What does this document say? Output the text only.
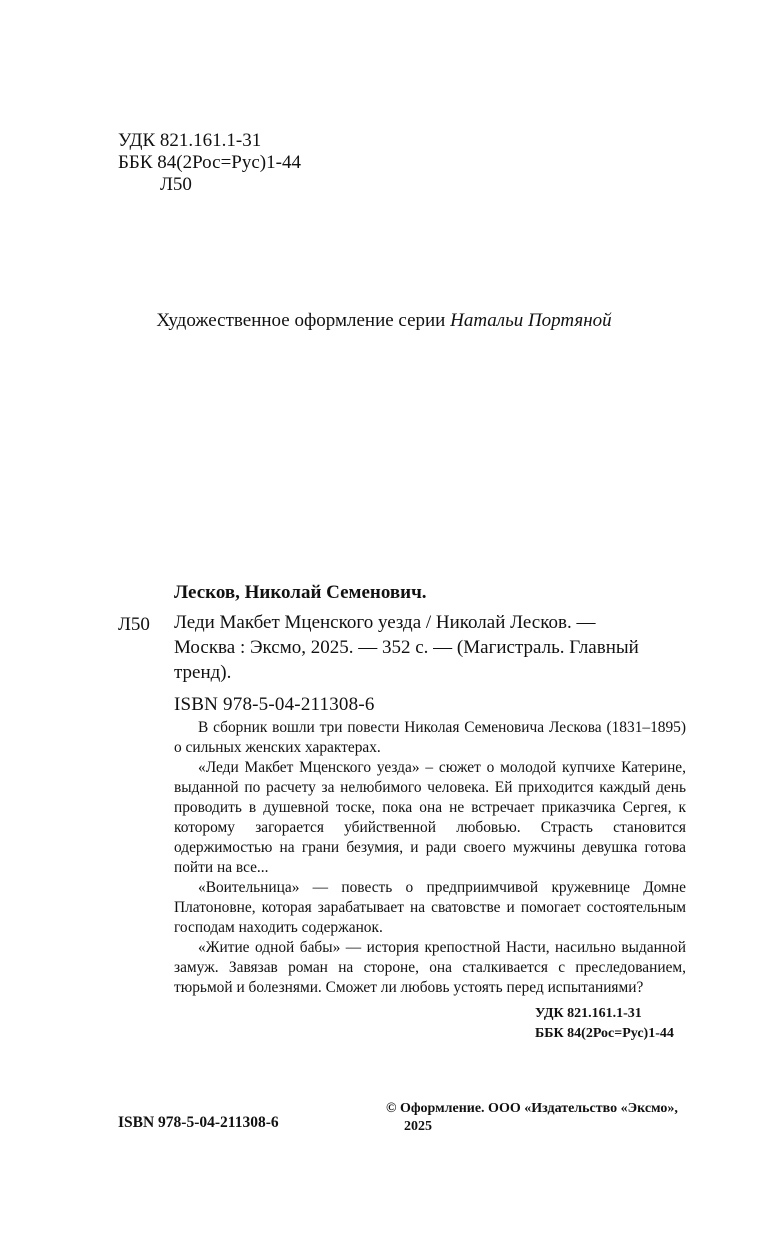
УДК 821.161.1-31
ББК 84(2Рос=Рус)1-44
Л50
Художественное оформление серии Натальи Портяной
Лесков, Николай Семенович.
Л50 Леди Макбет Мценского уезда / Николай Лесков. —
Москва : Эксмо, 2025. — 352 с. — (Магистраль. Главный
тренд).
ISBN 978-5-04-211308-6

В сборник вошли три повести Николая Семеновича Лескова (1831–1895) о сильных женских характерах.

«Леди Макбет Мценского уезда» – сюжет о молодой купчихе Катерине, выданной по расчету за нелюбимого человека. Ей приходится каждый день проводить в душевной тоске, пока она не встречает приказчика Сергея, к которому загорается убийственной любовью. Страсть становится одержимостью на грани безумия, и ради своего мужчины девушка готова пойти на все...

«Воительница» — повесть о предприимчивой кружевнице Домне Платоновне, которая зарабатывает на сватовстве и помогает состоятельным господам находить содержанок.

«Житие одной бабы» — история крепостной Насти, насильно выданной замуж. Завязав роман на стороне, она сталкивается с преследованием, тюрьмой и болезнями. Сможет ли любовь устоять перед испытаниями?

УДК 821.161.1-31
ББК 84(2Рос=Рус)1-44
ISBN 978-5-04-211308-6
© Оформление. ООО «Издательство «Эксмо»,
2025
